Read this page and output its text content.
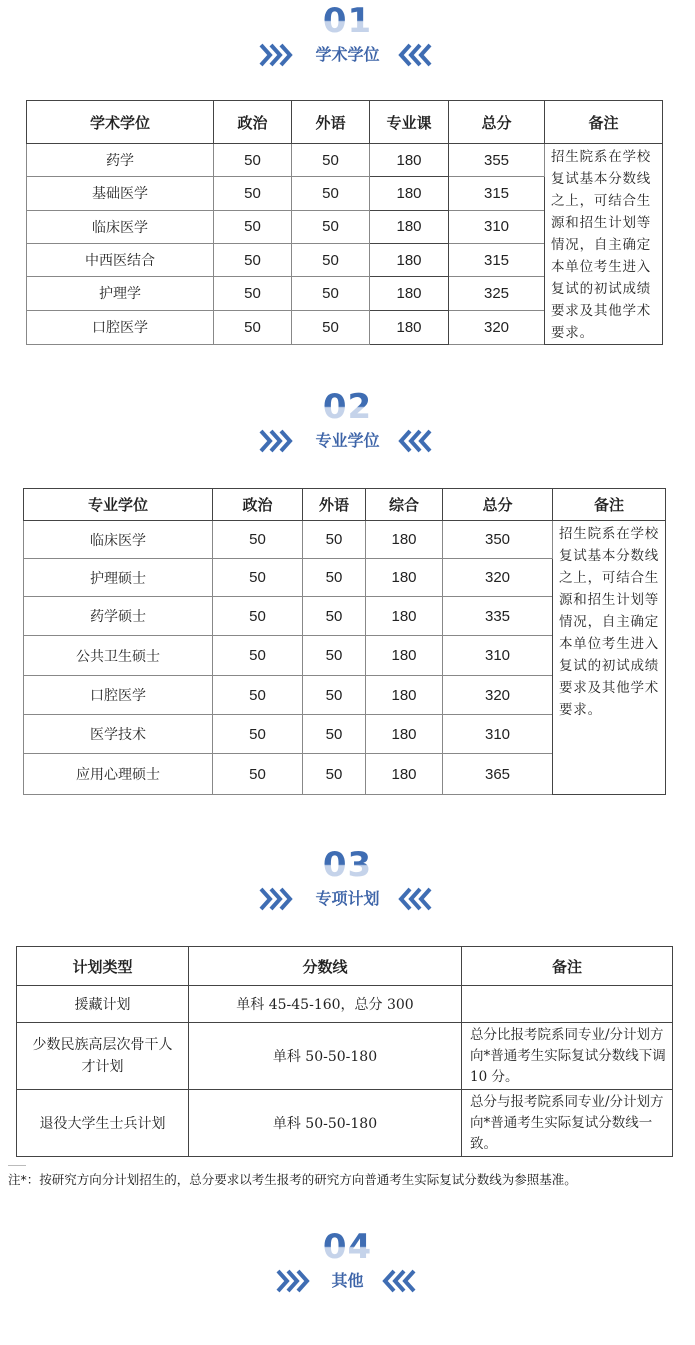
01
学术学位
02
专业学位
03
专项计划
04
其他
学术学位	政治	外语	专业课	总分	备注
药学	50	50	180	355	招生院系在学校复试基本分数线之上，可结合生源和招生计划等情况，自主确定本单位考生进入复试的初试成绩要求及其他学术要求。
基础医学	50	50	180	315	
临床医学	50	50	180	310	
中西医结合	50	50	180	315	
护理学	50	50	180	325	
口腔医学	50	50	180	320	
专业学位	政治	外语	综合	总分	备注
临床医学	50	50	180	350	招生院系在学校复试基本分数线之上，可结合生源和招生计划等情况，自主确定本单位考生进入复试的初试成绩要求及其他学术要求。
护理硕士	50	50	180	320	
药学硕士	50	50	180	335	
公共卫生硕士	50	50	180	310	
口腔医学	50	50	180	320	
医学技术	50	50	180	310	
应用心理硕士	50	50	180	365	
计划类型	分数线	备注
援藏计划	单科 45-45-160，总分 300	
少数民族高层次骨干人才计划	单科 50-50-180	总分比报考院系同专业/分计划方向*普通考生实际复试分数线下调 10 分。
退役大学生士兵计划	单科 50-50-180	总分与报考院系同专业/分计划方向*普通考生实际复试分数线一致。
注*：按研究方向分计划招生的，总分要求以考生报考的研究方向普通考生实际复试分数线为参照基准。
